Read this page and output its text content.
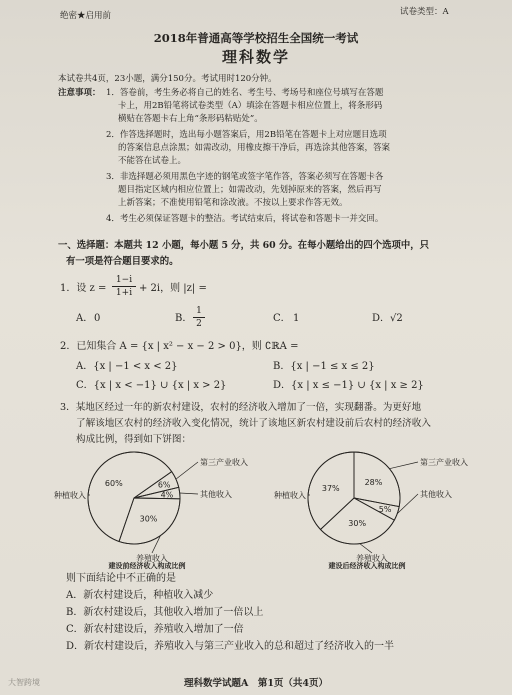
绝密★启用前	试卷类型：A
2018年普通高等学校招生全国统一考试
理科数学
本试卷共4页，23小题，满分150分。考试用时120分钟。
注意事项： 1．答卷前，考生务必将自己的姓名、考生号、考场号和座位号填写在答题
卡上，用2B铅笔将试卷类型（A）填涂在答题卡相应位置上，将条形码
横贴在答题卡右上角“条形码粘贴处”。
2．作答选择题时，选出每小题答案后，用2B铅笔在答题卡上对应题目选项
的答案信息点涂黑；如需改动，用橡皮擦干净后，再选涂其他答案，答案
不能答在试卷上。
3．非选择题必须用黑色字迹的钢笔或签字笔作答，答案必须写在答题卡各
题目指定区域内相应位置上；如需改动，先划掉原来的答案，然后再写
上新答案；不准使用铅笔和涂改液。不按以上要求作答无效。
4．考生必须保证答题卡的整洁。考试结束后，将试卷和答题卡一并交回。
一、选择题：本题共 12 小题，每小题 5 分，共 60 分。在每小题给出的四个选项中，只
有一项是符合题目要求的。
1．设 z =
1−i
1+i + 2i，则 |z| =
A． 0	B．
1
2	C． 1	D． √2
2．已知集合 A = {x | x² − x − 2 > 0}，则 ∁ℝA =
A．{x | −1 < x < 2}	B．{x | −1 ≤ x ≤ 2}
C．{x | x < −1} ∪ {x | x > 2}	D．{x | x ≤ −1} ∪ {x | x ≥ 2}
3．某地区经过一年的新农村建设，农村的经济收入增加了一倍，实现翻番。为更好地
了解该地区农村的经济收入变化情况，统计了该地区新农村建设前后农村的经济收入
构成比例，得到如下饼图：
60%	6%
4%
30%
种植收入
第三产业收入
其他收入
养殖收入
建设前经济收入构成比例
37%
28%
5%
30%
种植收入
第三产业收入
其他收入
养殖收入
建设后经济收入构成比例
则下面结论中不正确的是
A．新农村建设后，种植收入减少
B．新农村建设后，其他收入增加了一倍以上
C．新农村建设后，养殖收入增加了一倍
D．新农村建设后，养殖收入与第三产业收入的总和超过了经济收入的一半
理科数学试题A　第1页（共4页）
大智跨境
